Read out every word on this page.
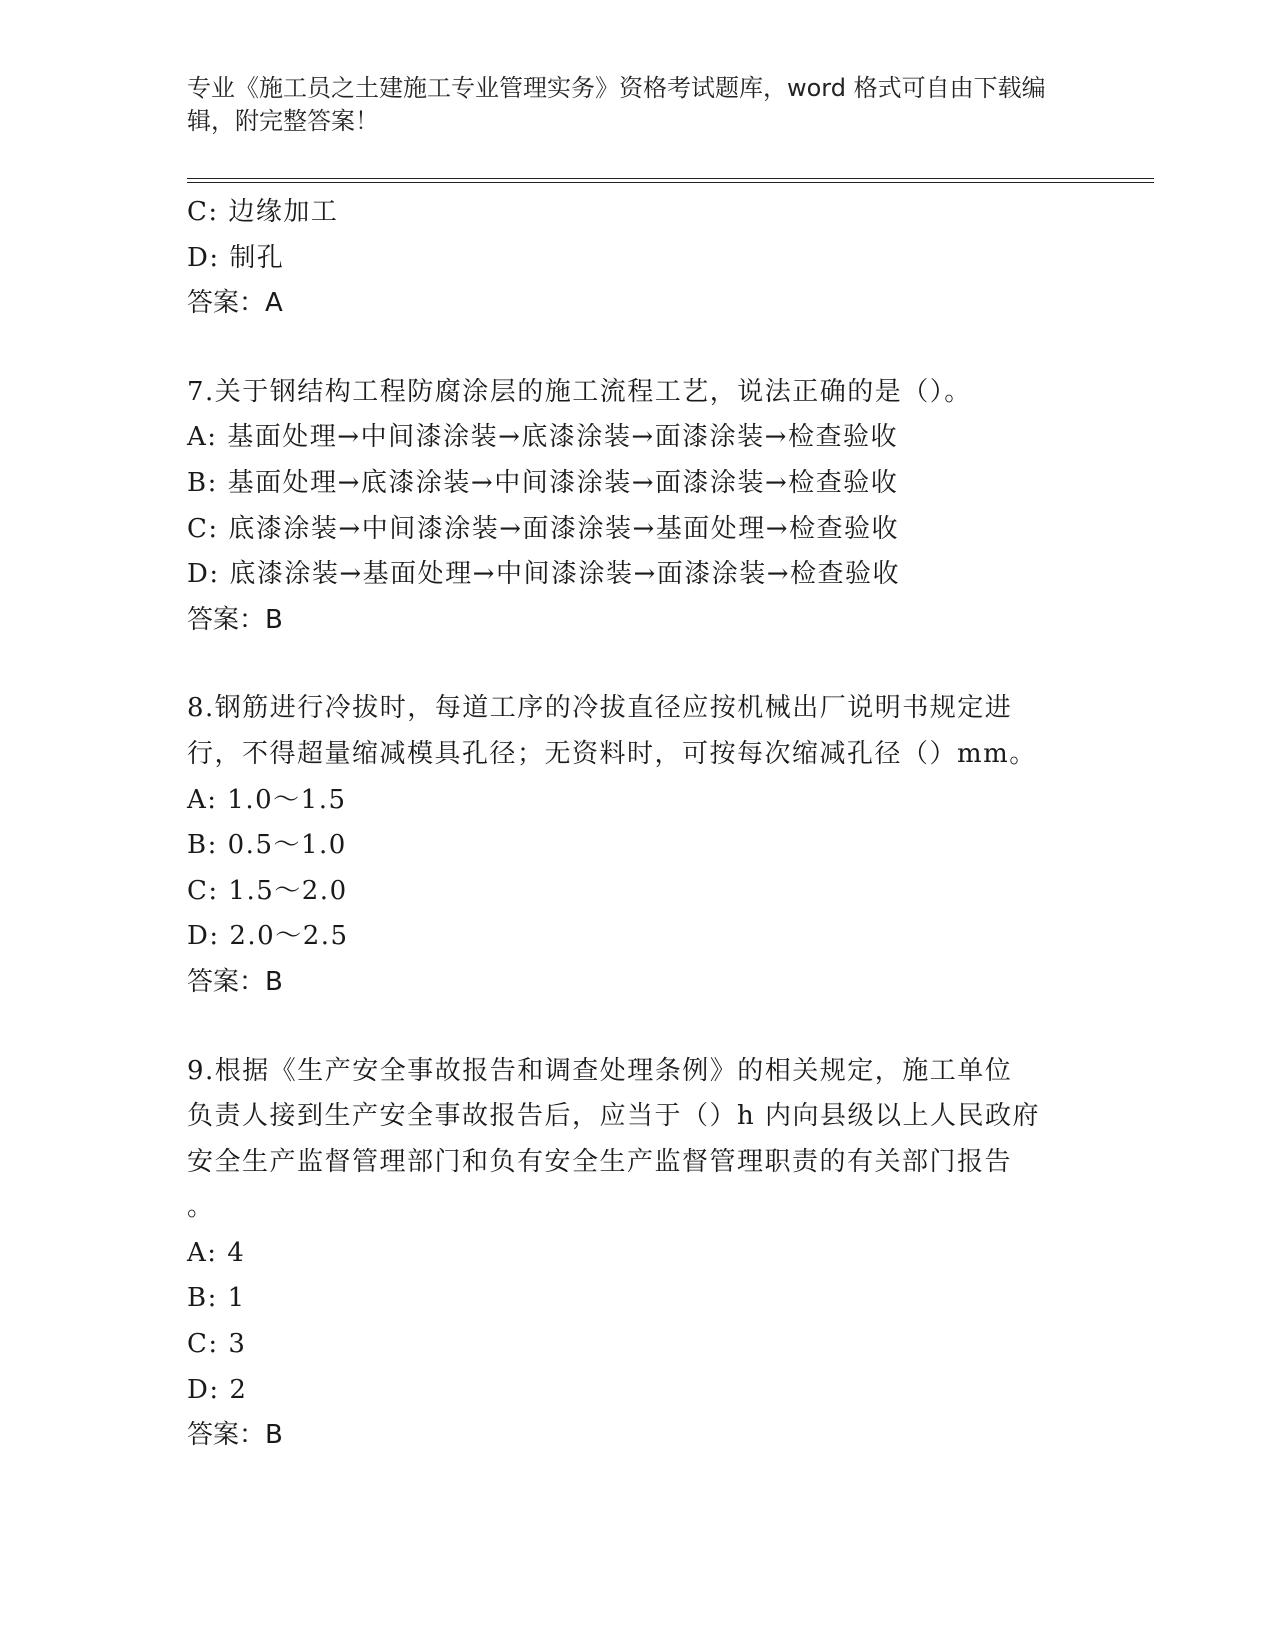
专业《施工员之土建施工专业管理实务》资格考试题库，word 格式可自由下载编
辑，附完整答案！
C: 边缘加工
D: 制孔
答案：A
7.关于钢结构工程防腐涂层的施工流程工艺，说法正确的是（）。
A: 基面处理→中间漆涂装→底漆涂装→面漆涂装→检查验收
B: 基面处理→底漆涂装→中间漆涂装→面漆涂装→检查验收
C: 底漆涂装→中间漆涂装→面漆涂装→基面处理→检查验收
D: 底漆涂装→基面处理→中间漆涂装→面漆涂装→检查验收
答案：B
8.钢筋进行冷拔时，每道工序的冷拔直径应按机械出厂说明书规定进
行，不得超量缩减模具孔径；无资料时，可按每次缩减孔径（）mm。
A: 1.0～1.5
B: 0.5～1.0
C: 1.5～2.0
D: 2.0～2.5
答案：B
9.根据《生产安全事故报告和调查处理条例》的相关规定，施工单位
负责人接到生产安全事故报告后，应当于（）h 内向县级以上人民政府
安全生产监督管理部门和负有安全生产监督管理职责的有关部门报告
。
A: 4
B: 1
C: 3
D: 2
答案：B
